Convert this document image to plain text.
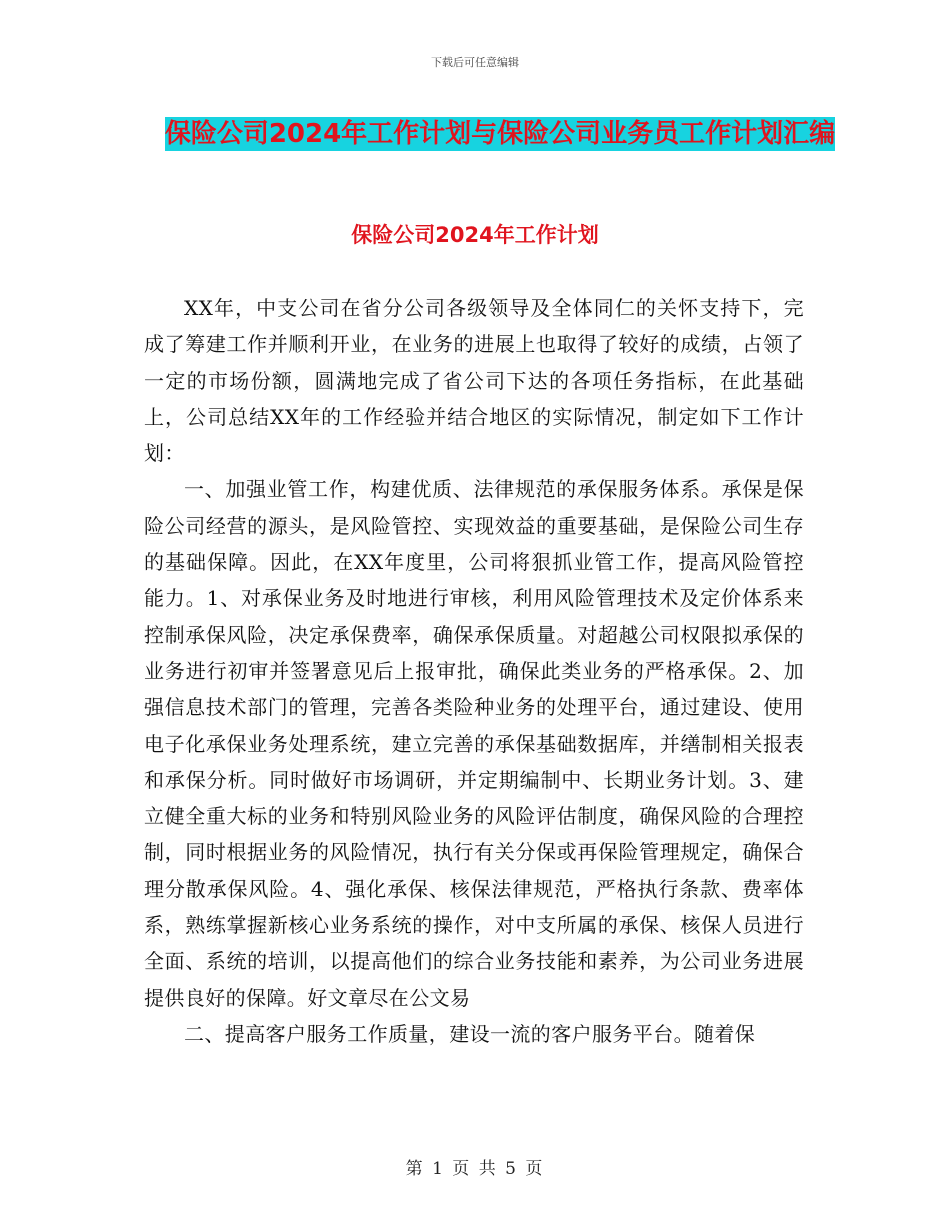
下载后可任意编辑
保险公司2024年工作计划与保险公司业务员工作计划汇编
保险公司2024年工作计划

XX年，中支公司在省分公司各级领导及全体同仁的关怀支持下，完成了筹建工作并顺利开业，在业务的进展上也取得了较好的成绩，占领了一定的市场份额，圆满地完成了省公司下达的各项任务指标，在此基础上，公司总结XX年的工作经验并结合地区的实际情况，制定如下工作计划：

一、加强业管工作，构建优质、法律规范的承保服务体系。承保是保险公司经营的源头，是风险管控、实现效益的重要基础，是保险公司生存的基础保障。因此，在XX年度里，公司将狠抓业管工作，提高风险管控能力。1、对承保业务及时地进行审核，利用风险管理技术及定价体系来控制承保风险，决定承保费率，确保承保质量。对超越公司权限拟承保的业务进行初审并签署意见后上报审批，确保此类业务的严格承保。2、加强信息技术部门的管理，完善各类险种业务的处理平台，通过建设、使用电子化承保业务处理系统，建立完善的承保基础数据库，并缮制相关报表和承保分析。同时做好市场调研，并定期编制中、长期业务计划。3、建立健全重大标的业务和特别风险业务的风险评估制度，确保风险的合理控制，同时根据业务的风险情况，执行有关分保或再保险管理规定，确保合理分散承保风险。4、强化承保、核保法律规范，严格执行条款、费率体系，熟练掌握新核心业务系统的操作，对中支所属的承保、核保人员进行全面、系统的培训，以提高他们的综合业务技能和素养，为公司业务进展提供良好的保障。好文章尽在公文易

二、提高客户服务工作质量，建设一流的客户服务平台。随着保

第 1 页 共 5 页
